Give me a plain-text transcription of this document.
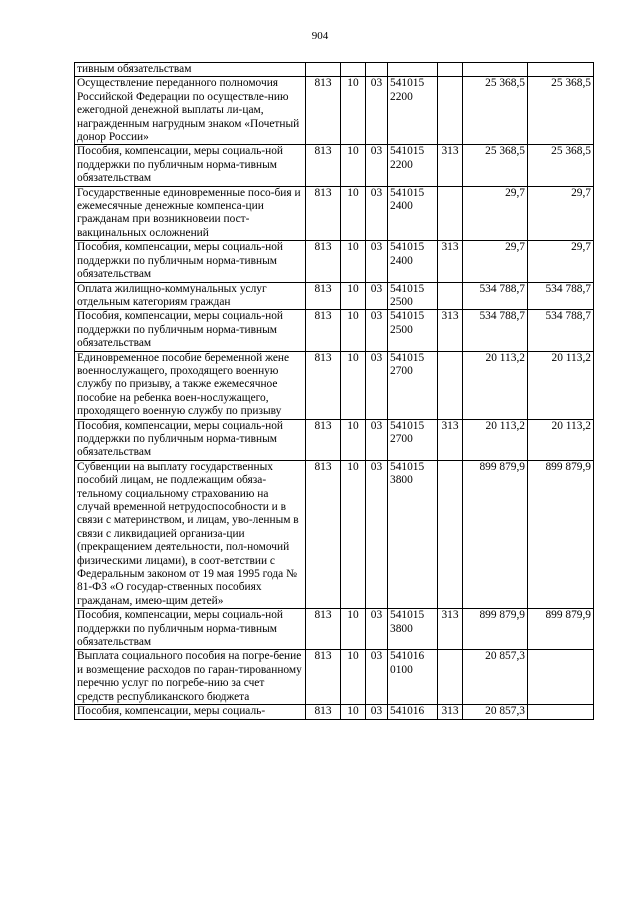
904
тивным обязательствам							
Осуществление переданного полномочия Российской Федерации по осуществле-нию ежегодной денежной выплаты ли-цам, награжденным нагрудным знаком «Почетный донор России»	813	10	03	541015 2200		25 368,5	25 368,5
Пособия, компенсации, меры социаль-ной поддержки по публичным норма-тивным обязательствам	813	10	03	541015 2200	313	25 368,5	25 368,5
Государственные единовременные посо-бия и ежемесячные денежные компенса-ции гражданам при возникновеии пост-вакцинальных осложнений	813	10	03	541015 2400		29,7	29,7
Пособия, компенсации, меры социаль-ной поддержки по публичным норма-тивным обязательствам	813	10	03	541015 2400	313	29,7	29,7
Оплата жилищно-коммунальных услуг отдельным категориям граждан	813	10	03	541015 2500		534 788,7	534 788,7
Пособия, компенсации, меры социаль-ной поддержки по публичным норма-тивным обязательствам	813	10	03	541015 2500	313	534 788,7	534 788,7
Единовременное пособие беременной жене военнослужащего, проходящего военную службу по призыву, а также ежемесячное пособие на ребенка воен-нослужащего, проходящего военную службу по призыву	813	10	03	541015 2700		20 113,2	20 113,2
Пособия, компенсации, меры социаль-ной поддержки по публичным норма-тивным обязательствам	813	10	03	541015 2700	313	20 113,2	20 113,2
Субвенции на выплату государственных пособий лицам, не подлежащим обяза-тельному социальному страхованию на случай временной нетрудоспособности и в связи с материнством, и лицам, уво-ленным в связи с ликвидацией организа-ции (прекращением деятельности, пол-номочий физическими лицами), в соот-ветствии с Федеральным законом от 19 мая 1995 года № 81-ФЗ «О государ-ственных пособиях гражданам, имею-щим детей»	813	10	03	541015 3800		899 879,9	899 879,9
Пособия, компенсации, меры социаль-ной поддержки по публичным норма-тивным обязательствам	813	10	03	541015 3800	313	899 879,9	899 879,9
Выплата социального пособия на погре-бение и возмещение расходов по гаран-тированному перечню услуг по погребе-нию за счет средств республиканского бюджета	813	10	03	541016 0100		20 857,3	
Пособия, компенсации, меры социаль-	813	10	03	541016	313	20 857,3	
